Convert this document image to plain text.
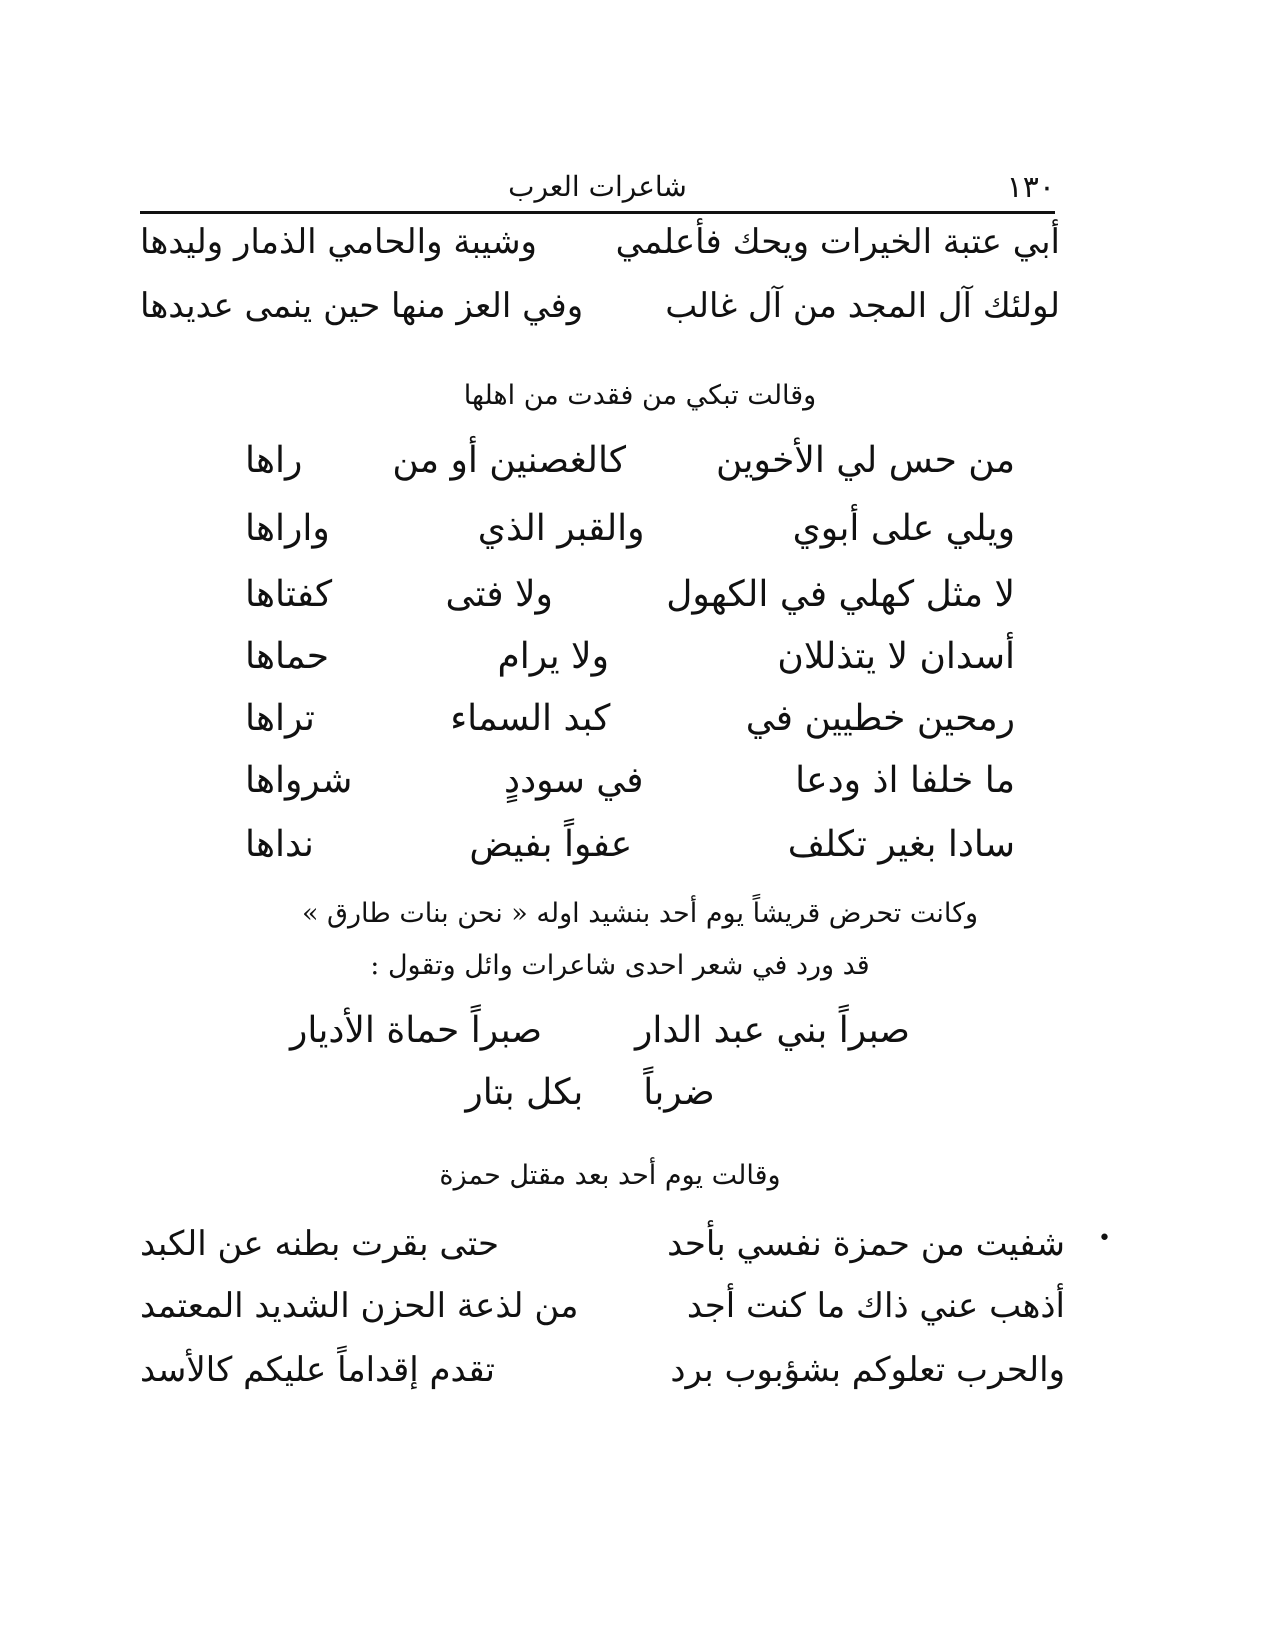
١٣٠
شاعرات العرب
أبي عتبة الخيرات ويحك فأعلمي
وشيبة والحامي الذمار وليدها
لولئك آل المجد من آل غالب
وفي العز منها حين ينمى عديدها
وقالت تبكي من فقدت من اهلها
من حس لي الأخوين
كالغصنين أو من
راها
ويلي على أبوي
والقبر الذي
واراها
لا مثل كهلي في الكهول
ولا فتى
كفتاها
أسدان لا يتذللان
ولا يرام
حماها
رمحين خطيين في
كبد السماء
تراها
ما خلفا اذ ودعا
في سوددٍ
شرواها
سادا بغير تكلف
عفواً بفيض
نداها
وكانت تحرض قريشاً يوم أحد بنشيد اوله « نحن بنات طارق »
قد ورد في شعر احدى شاعرات وائل وتقول :
صبراً بني عبد الدار
صبراً حماة الأديار
ضرباً
بكل بتار
وقالت يوم أحد بعد مقتل حمزة
•
شفيت من حمزة نفسي بأحد
حتى بقرت بطنه عن الكبد
أذهب عني ذاك ما كنت أجد
من لذعة الحزن الشديد المعتمد
والحرب تعلوكم بشؤبوب برد
تقدم إقداماً عليكم كالأسد
